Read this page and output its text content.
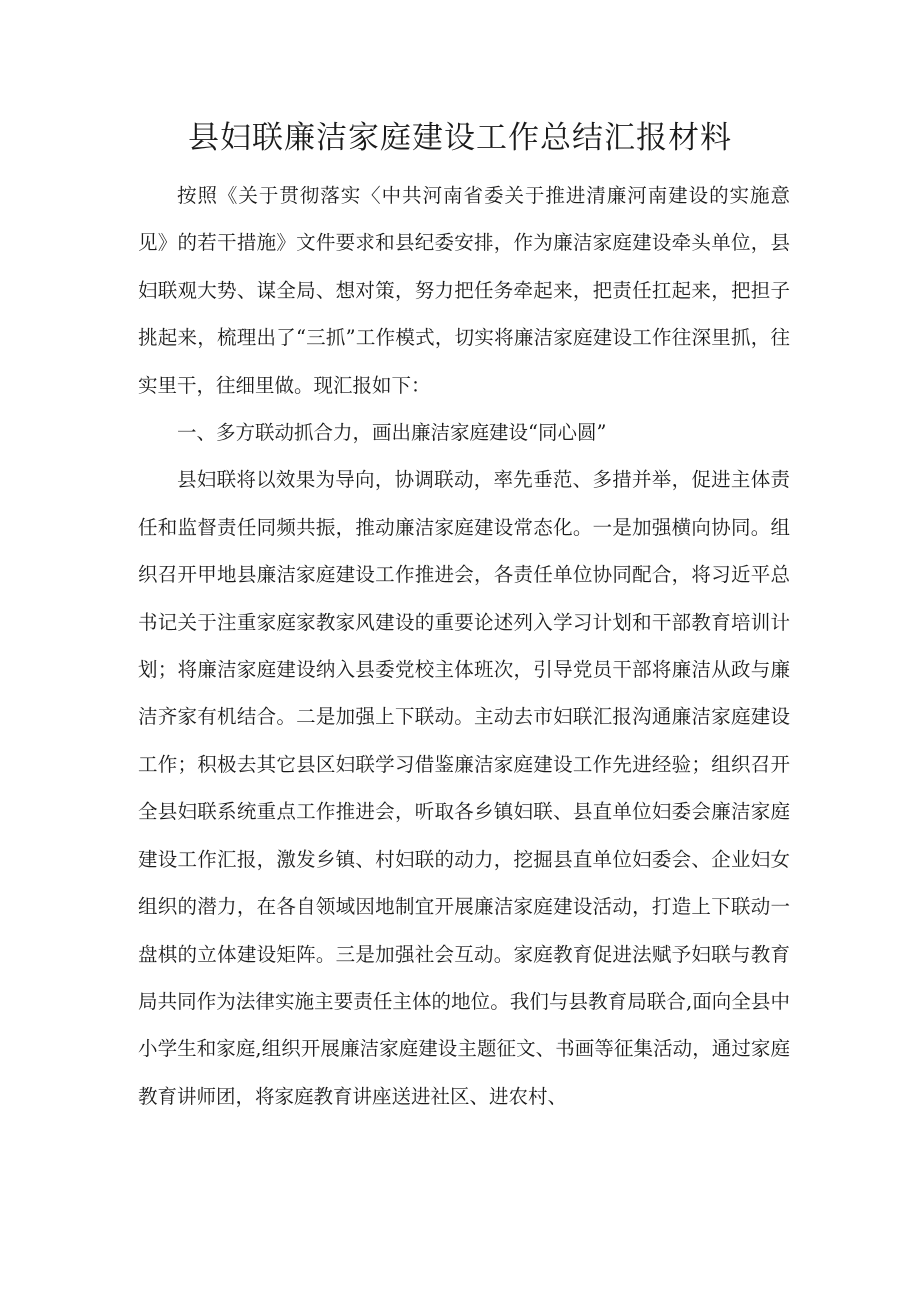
县妇联廉洁家庭建设工作总结汇报材料

按照《关于贯彻落实〈中共河南省委关于推进清廉河南建设的实施意见》的若干措施》文件要求和县纪委安排，作为廉洁家庭建设牵头单位，县妇联观大势、谋全局、想对策，努力把任务牵起来，把责任扛起来，把担子挑起来，梳理出了“三抓”工作模式，切实将廉洁家庭建设工作往深里抓，往实里干，往细里做。现汇报如下：

一、多方联动抓合力，画出廉洁家庭建设“同心圆”

县妇联将以效果为导向，协调联动，率先垂范、多措并举，促进主体责任和监督责任同频共振，推动廉洁家庭建设常态化。一是加强横向协同。组织召开甲地县廉洁家庭建设工作推进会，各责任单位协同配合，将习近平总书记关于注重家庭家教家风建设的重要论述列入学习计划和干部教育培训计划；将廉洁家庭建设纳入县委党校主体班次，引导党员干部将廉洁从政与廉洁齐家有机结合。二是加强上下联动。主动去市妇联汇报沟通廉洁家庭建设工作；积极去其它县区妇联学习借鉴廉洁家庭建设工作先进经验；组织召开全县妇联系统重点工作推进会，听取各乡镇妇联、县直单位妇委会廉洁家庭建设工作汇报，激发乡镇、村妇联的动力，挖掘县直单位妇委会、企业妇女组织的潜力，在各自领域因地制宜开展廉洁家庭建设活动，打造上下联动一盘棋的立体建设矩阵。三是加强社会互动。家庭教育促进法赋予妇联与教育局共同作为法律实施主要责任主体的地位。我们与县教育局联合,面向全县中小学生和家庭,组织开展廉洁家庭建设主题征文、书画等征集活动，通过家庭教育讲师团，将家庭教育讲座送进社区、进农村、
